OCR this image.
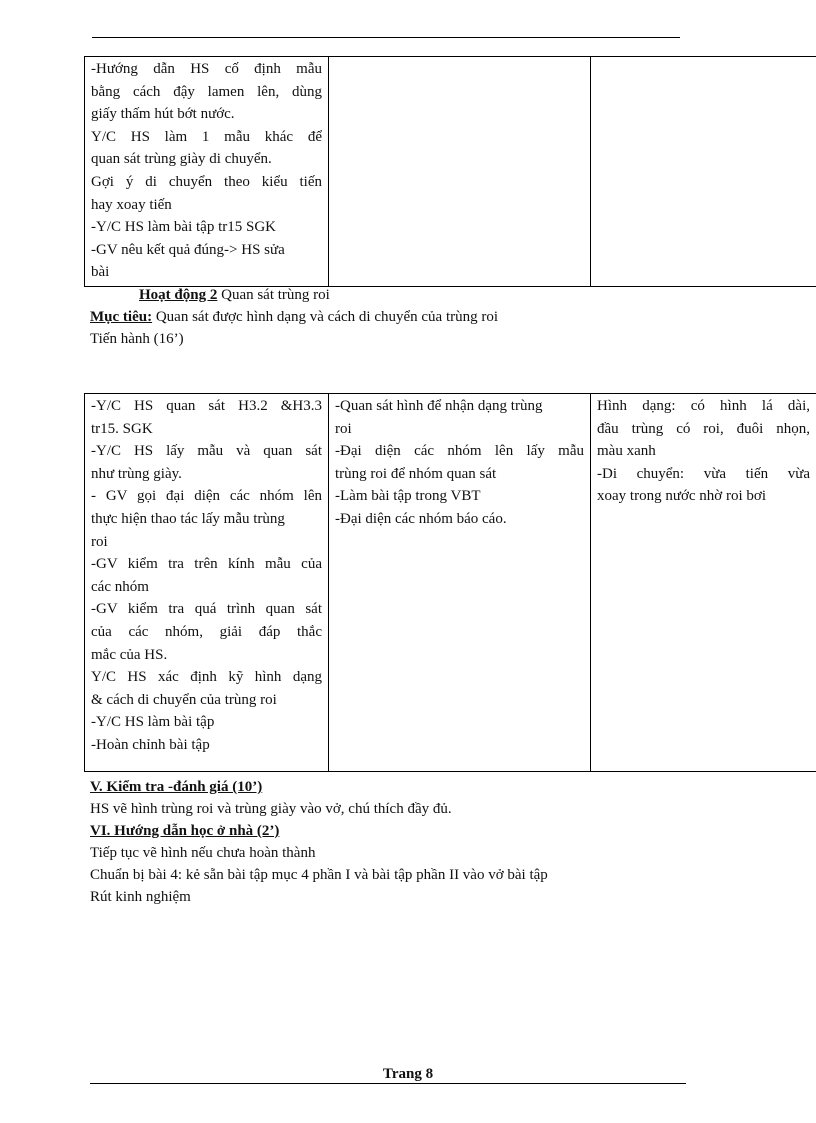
-Hướng dẫn HS cố định mẫu
bằng cách đậy lamen lên, dùng
giấy thấm hút bớt nước.
Y/C HS làm 1 mẫu khác để
quan sát trùng giày di chuyển.
Gợi ý di chuyển theo kiểu tiến
hay xoay tiến
-Y/C HS làm bài tập tr15 SGK
-GV nêu kết quả đúng-> HS sửa
bài

Hoạt động 2 Quan sát trùng roi
Mục tiêu: Quan sát được hình dạng và cách di chuyển của trùng roi
Tiến hành (16’)
-Y/C HS quan sát H3.2 &H3.3
tr15. SGK
-Y/C HS lấy mẫu và quan sát
như trùng giày.
- GV gọi đại diện các nhóm lên
thực hiện thao tác lấy mẫu trùng
roi
-GV kiểm tra trên kính mẫu của
các nhóm
-GV kiểm tra quá trình quan sát
của các nhóm, giải đáp thắc
mắc của HS.
Y/C HS xác định kỹ hình dạng
& cách di chuyển của trùng roi
-Y/C HS làm bài tập
-Hoàn chỉnh bài tập

-Quan sát hình để nhận dạng trùng
roi
-Đại diện các nhóm lên lấy mẫu
trùng roi để nhóm quan sát
-Làm bài tập trong VBT
-Đại diện các nhóm báo cáo.

Hình dạng: có hình lá dài,
đầu trùng có roi, đuôi nhọn,
màu xanh
-Di chuyển: vừa tiến vừa
xoay trong nước nhờ roi bơi
V. Kiểm tra -đánh giá (10’)
HS vẽ hình trùng roi và trùng giày vào vở, chú thích đầy đủ.
VI. Hướng dẫn học ở nhà (2’)
Tiếp tục vẽ hình nếu chưa hoàn thành
Chuẩn bị bài 4: kẻ sẵn bài tập mục 4 phần I và bài tập phần II vào vở bài tập
Rút kinh nghiệm
Trang 8
